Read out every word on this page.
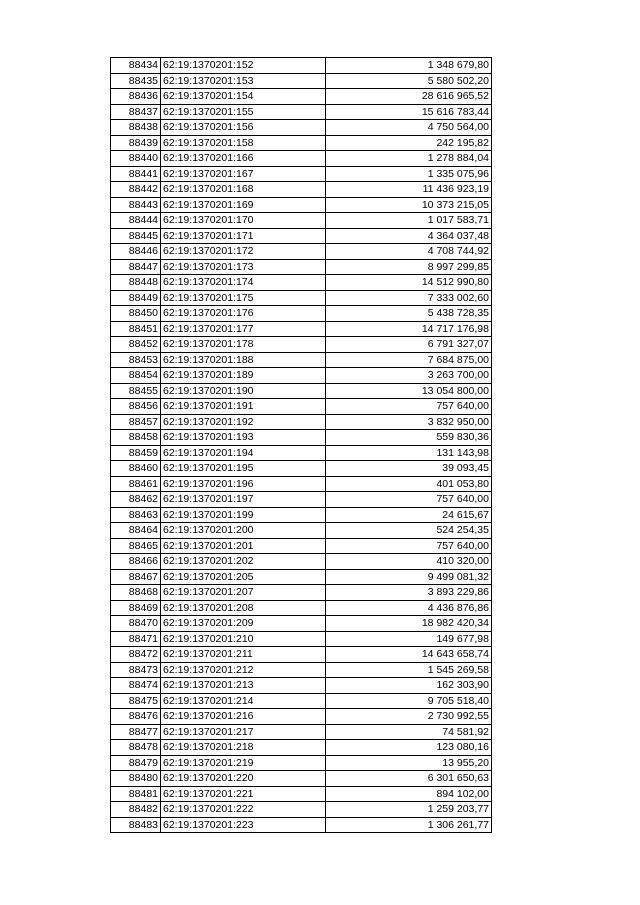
88434	62:19:1370201:152	1 348 679,80
88435	62:19:1370201:153	5 580 502,20
88436	62:19:1370201:154	28 616 965,52
88437	62:19:1370201:155	15 616 783,44
88438	62:19:1370201:156	4 750 564,00
88439	62:19:1370201:158	242 195,82
88440	62:19:1370201:166	1 278 884,04
88441	62:19:1370201:167	1 335 075,96
88442	62:19:1370201:168	11 436 923,19
88443	62:19:1370201:169	10 373 215,05
88444	62:19:1370201:170	1 017 583,71
88445	62:19:1370201:171	4 364 037,48
88446	62:19:1370201:172	4 708 744,92
88447	62:19:1370201:173	8 997 299,85
88448	62:19:1370201:174	14 512 990,80
88449	62:19:1370201:175	7 333 002,60
88450	62:19:1370201:176	5 438 728,35
88451	62:19:1370201:177	14 717 176,98
88452	62:19:1370201:178	6 791 327,07
88453	62:19:1370201:188	7 684 875,00
88454	62:19:1370201:189	3 263 700,00
88455	62:19:1370201:190	13 054 800,00
88456	62:19:1370201:191	757 640,00
88457	62:19:1370201:192	3 832 950,00
88458	62:19:1370201:193	559 830,36
88459	62:19:1370201:194	131 143,98
88460	62:19:1370201:195	39 093,45
88461	62:19:1370201:196	401 053,80
88462	62:19:1370201:197	757 640,00
88463	62:19:1370201:199	24 615,67
88464	62:19:1370201:200	524 254,35
88465	62:19:1370201:201	757 640,00
88466	62:19:1370201:202	410 320,00
88467	62:19:1370201:205	9 499 081,32
88468	62:19:1370201:207	3 893 229,86
88469	62:19:1370201:208	4 436 876,86
88470	62:19:1370201:209	18 982 420,34
88471	62:19:1370201:210	149 677,98
88472	62:19:1370201:211	14 643 658,74
88473	62:19:1370201:212	1 545 269,58
88474	62:19:1370201:213	162 303,90
88475	62:19:1370201:214	9 705 518,40
88476	62:19:1370201:216	2 730 992,55
88477	62:19:1370201:217	74 581,92
88478	62:19:1370201:218	123 080,16
88479	62:19:1370201:219	13 955,20
88480	62:19:1370201:220	6 301 650,63
88481	62:19:1370201:221	894 102,00
88482	62:19:1370201:222	1 259 203,77
88483	62:19:1370201:223	1 306 261,77
